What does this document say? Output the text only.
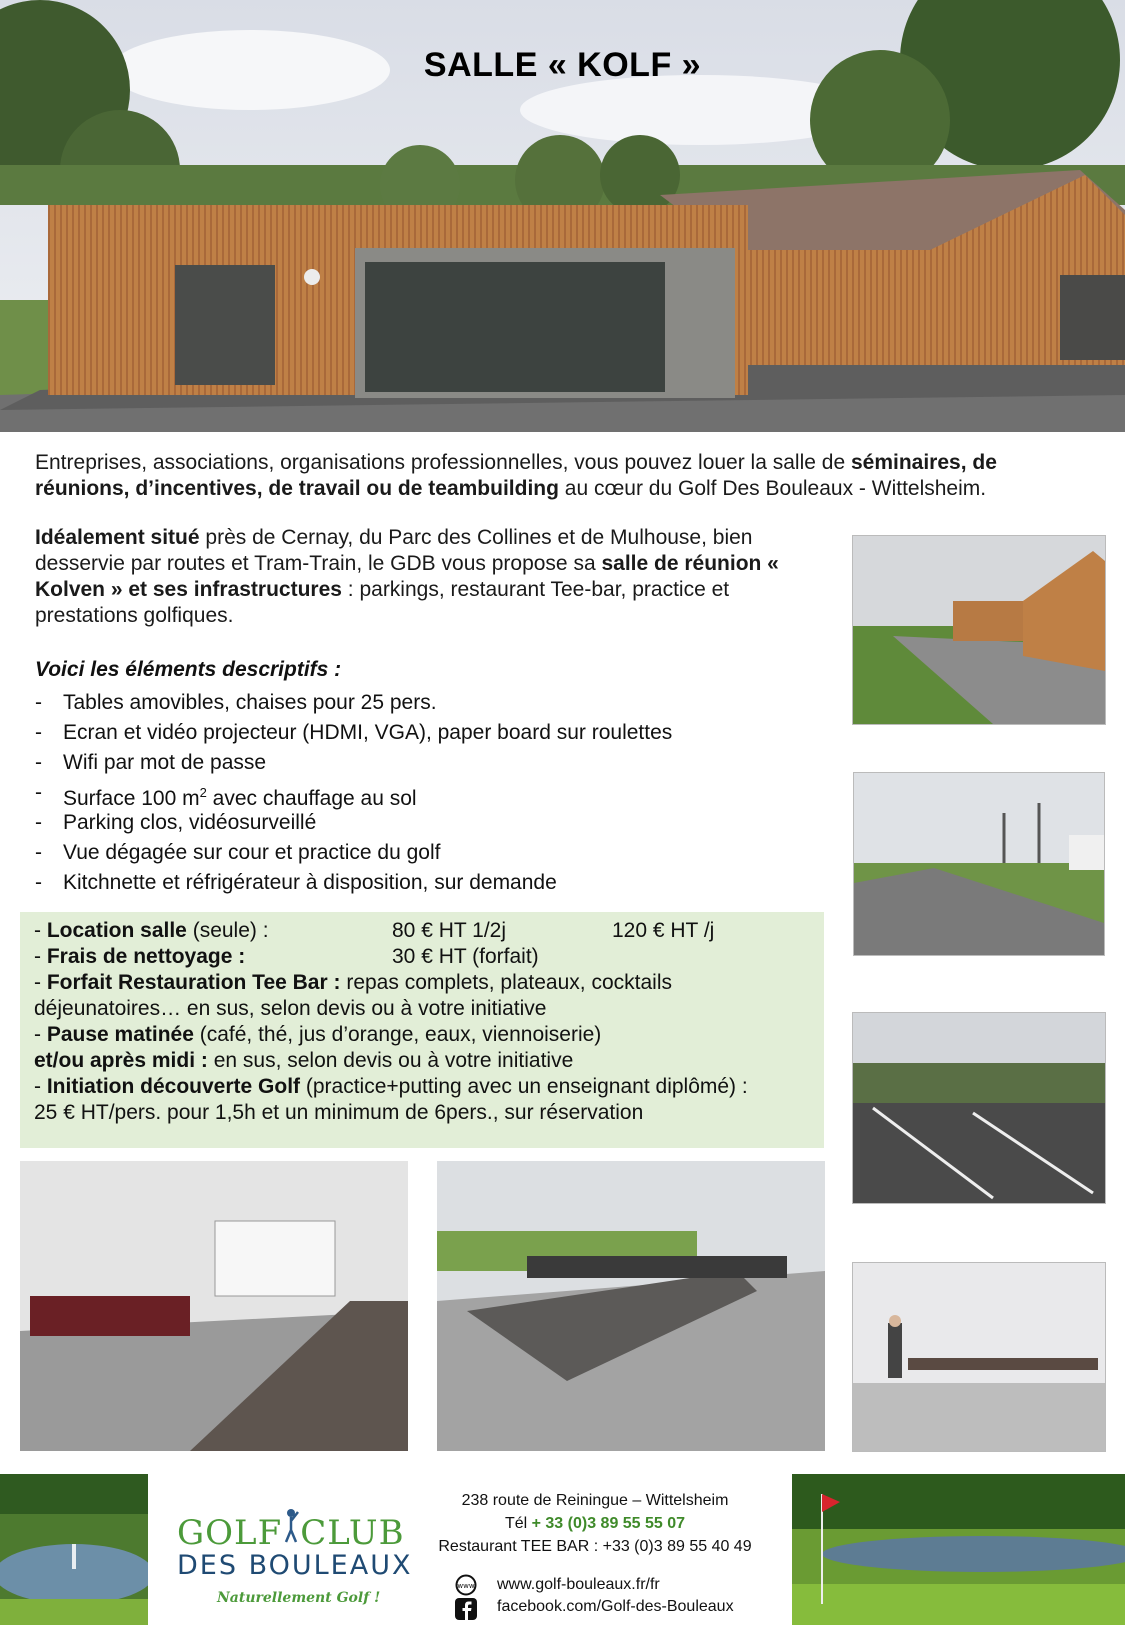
SALLE « KOLF »
Entreprises, associations, organisations professionnelles, vous pouvez louer la salle de séminaires, de réunions, d’incentives, de travail ou de teambuilding au cœur du Golf Des Bouleaux - Wittelsheim.
Idéalement situé près de Cernay, du Parc des Collines et de Mulhouse, bien desservie par routes et Tram-Train, le GDB vous propose sa salle de réunion « Kolven » et ses infrastructures : parkings, restaurant Tee-bar, practice et prestations golfiques.
Voici les éléments descriptifs :
-	Tables amovibles, chaises pour 25 pers.
-	Ecran et vidéo projecteur (HDMI, VGA), paper board sur roulettes
-	Wifi par mot de passe
-	Surface 100 $m^2$ avec chauffage au sol
-	Parking clos, vidéosurveillé
-	Vue dégagée sur cour et practice du golf
-	Kitchnette et réfrigérateur à disposition, sur demande
- Location salle (seule) :	80 € HT 1/2j	120 € HT /j
- Frais de nettoyage :	30 € HT (forfait)
- Forfait Restauration Tee Bar : repas complets, plateaux, cocktails
déjeunatoires… en sus, selon devis ou à votre initiative
- Pause matinée (café, thé, jus d’orange, eaux, viennoiserie)
et/ou après midi : en sus, selon devis ou à votre initiative
- Initiation découverte Golf (practice+putting avec un enseignant diplômé) :
25 € HT/pers. pour 1,5h et un minimum de 6pers., sur réservation
GOLF CLUB
DES BOULEAUX
Naturellement Golf !
238 route de Reiningue – Wittelsheim
Tél + 33 (0)3 89 55 55 07
Restaurant TEE BAR : +33 (0)3 89 55 40 49
www www.golf-bouleaux.fr/fr
facebook.com/Golf-des-Bouleaux
